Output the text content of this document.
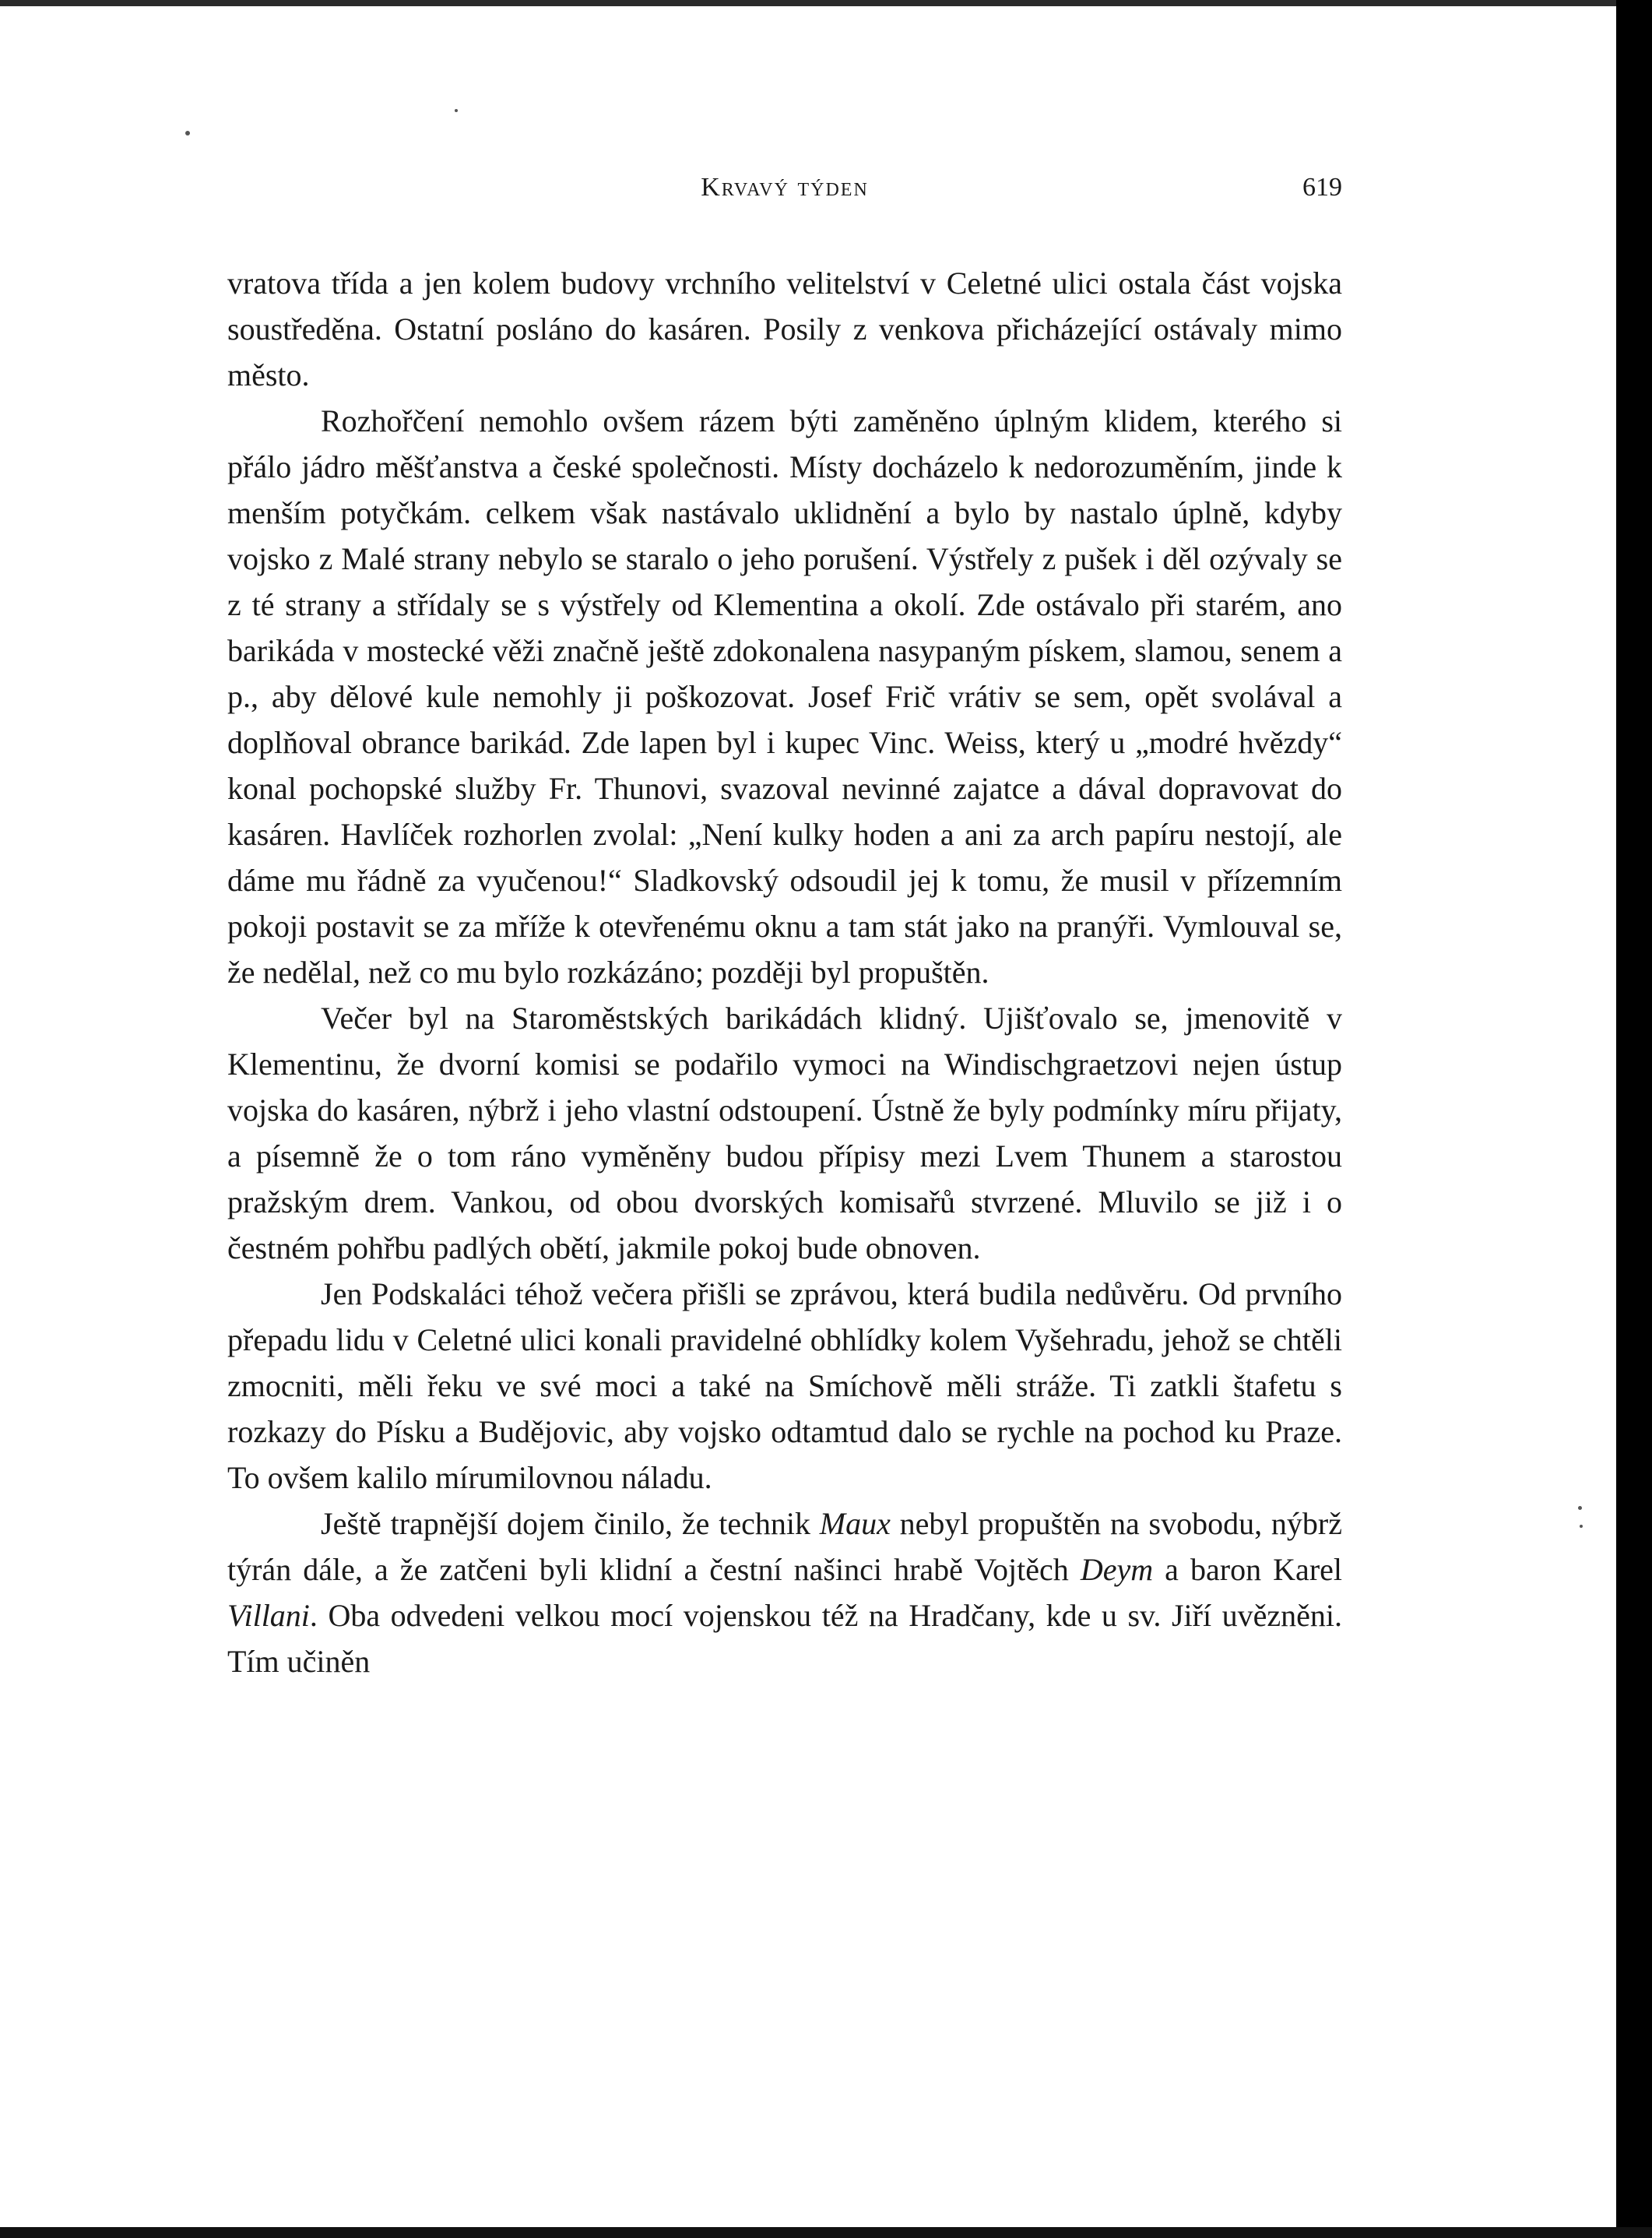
Krvavý týden	619

vratova třída a jen kolem budovy vrchního velitelství v Celetné ulici ostala část vojska soustředěna. Ostatní posláno do kasáren. Posily z venkova přicházející ostávaly mimo město.

Rozhořčení nemohlo ovšem rázem býti zaměněno úplným klidem, kterého si přálo jádro měšťanstva a české společnosti. Místy docházelo k nedorozuměním, jinde k menším potyčkám. celkem však nastávalo uklidnění a bylo by nastalo úplně, kdyby vojsko z Malé strany nebylo se staralo o jeho porušení. Výstřely z pušek i děl ozývaly se z té strany a střídaly se s výstřely od Klementina a okolí. Zde ostávalo při starém, ano barikáda v mostecké věži značně ještě zdokonalena nasypaným pískem, slamou, senem a p., aby dělové kule nemohly ji poškozovat. Josef Frič vrátiv se sem, opět svolával a doplňoval obrance barikád. Zde lapen byl i kupec Vinc. Weiss, který u „modré hvězdy“ konal pochopské služby Fr. Thunovi, svazoval nevinné zajatce a dával dopravovat do kasáren. Havlíček rozhorlen zvolal: „Není kulky hoden a ani za arch papíru nestojí, ale dáme mu řádně za vyučenou!“ Sladkovský odsoudil jej k tomu, že musil v přízemním pokoji postavit se za mříže k otevřenému oknu a tam stát jako na pranýři. Vymlouval se, že nedělal, než co mu bylo rozkázáno; později byl propuštěn.

Večer byl na Staroměstských barikádách klidný. Ujišťovalo se, jmenovitě v Klementinu, že dvorní komisi se podařilo vymoci na Windischgraetzovi nejen ústup vojska do kasáren, nýbrž i jeho vlastní odstoupení. Ústně že byly podmínky míru přijaty, a písemně že o tom ráno vyměněny budou přípisy mezi Lvem Thunem a starostou pražským drem. Vankou, od obou dvorských komisařů stvrzené. Mluvilo se již i o čestném pohřbu padlých obětí, jakmile pokoj bude obnoven.

Jen Podskaláci téhož večera přišli se zprávou, která budila nedůvěru. Od prvního přepadu lidu v Celetné ulici konali pravidelné obhlídky kolem Vyšehradu, jehož se chtěli zmocniti, měli řeku ve své moci a také na Smíchově měli stráže. Ti zatkli štafetu s rozkazy do Písku a Budějovic, aby vojsko odtamtud dalo se rychle na pochod ku Praze. To ovšem kalilo mírumilovnou náladu.

Ještě trapnější dojem činilo, že technik Maux nebyl propuštěn na svobodu, nýbrž týrán dále, a že zatčeni byli klidní a čestní našinci hrabě Vojtěch Deym a baron Karel Villani. Oba odvedeni velkou mocí vojenskou též na Hradčany, kde u sv. Jiří uvězněni. Tím učiněn
